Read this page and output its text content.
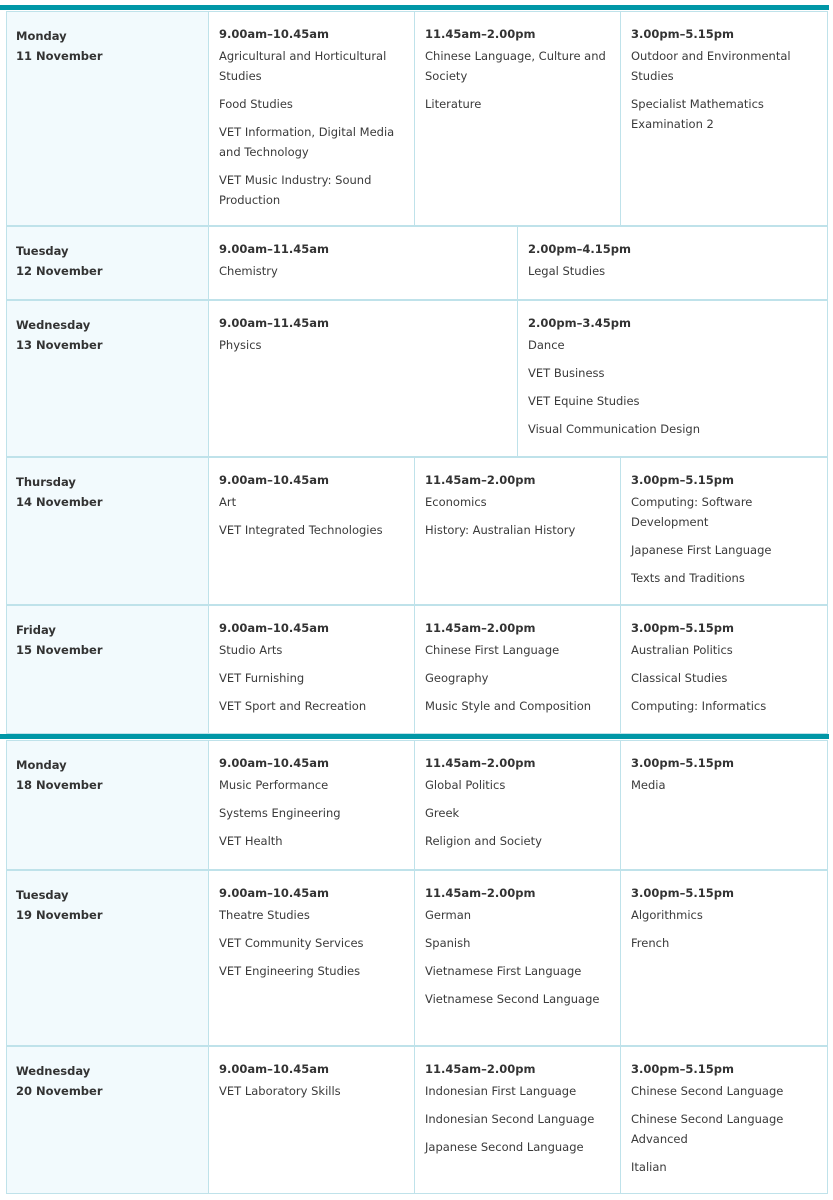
Monday
11 November
9.00am–10.45am
Agricultural and Horticultural Studies
Food Studies
VET Information, Digital Media and Technology
VET Music Industry: Sound Production
11.45am–2.00pm
Chinese Language, Culture and Society
Literature
3.00pm–5.15pm
Outdoor and Environmental Studies
Specialist Mathematics Examination 2
Tuesday
12 November
9.00am–11.45am
Chemistry
2.00pm–4.15pm
Legal Studies
Wednesday
13 November
9.00am–11.45am
Physics
2.00pm–3.45pm
Dance
VET Business
VET Equine Studies
Visual Communication Design
Thursday
14 November
9.00am–10.45am
Art
VET Integrated Technologies
11.45am–2.00pm
Economics
History: Australian History
3.00pm–5.15pm
Computing: Software Development
Japanese First Language
Texts and Traditions
Friday
15 November
9.00am–10.45am
Studio Arts
VET Furnishing
VET Sport and Recreation
11.45am–2.00pm
Chinese First Language
Geography
Music Style and Composition
3.00pm–5.15pm
Australian Politics
Classical Studies
Computing: Informatics
Monday
18 November
9.00am–10.45am
Music Performance
Systems Engineering
VET Health
11.45am–2.00pm
Global Politics
Greek
Religion and Society
3.00pm–5.15pm
Media
Tuesday
19 November
9.00am–10.45am
Theatre Studies
VET Community Services
VET Engineering Studies
11.45am–2.00pm
German
Spanish
Vietnamese First Language
Vietnamese Second Language
3.00pm–5.15pm
Algorithmics
French
Wednesday
20 November
9.00am–10.45am
VET Laboratory Skills
11.45am–2.00pm
Indonesian First Language
Indonesian Second Language
Japanese Second Language
3.00pm–5.15pm
Chinese Second Language
Chinese Second Language Advanced
Italian
